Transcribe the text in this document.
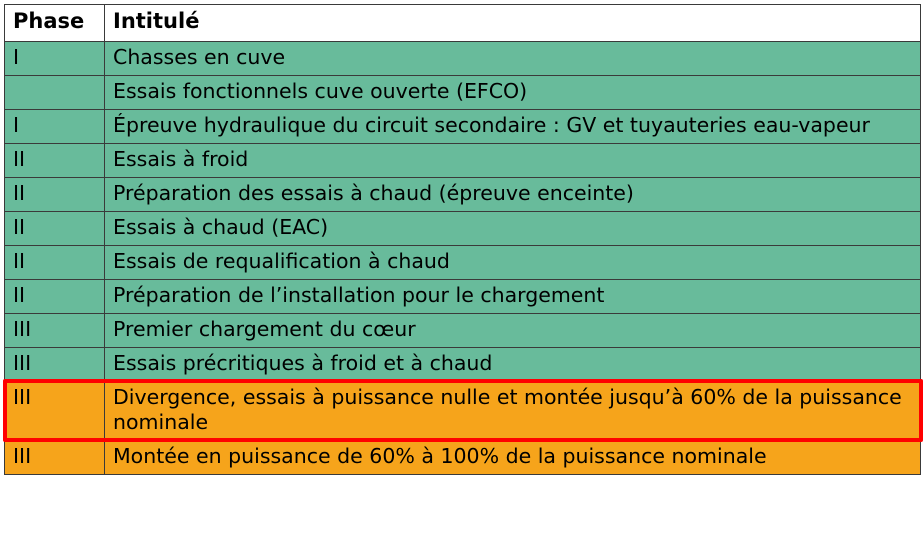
Phase	Intitulé
I	Chasses en cuve
	Essais fonctionnels cuve ouverte (EFCO)
I	Épreuve hydraulique du circuit secondaire : GV et tuyauteries eau-vapeur
II	Essais à froid
II	Préparation des essais à chaud (épreuve enceinte)
II	Essais à chaud (EAC)
II	Essais de requalification à chaud
II	Préparation de l’installation pour le chargement
III	Premier chargement du cœur
III	Essais précritiques à froid et à chaud
III	Divergence, essais à puissance nulle et montée jusqu’à 60% de la puissance nominale
III	Montée en puissance de 60% à 100% de la puissance nominale
